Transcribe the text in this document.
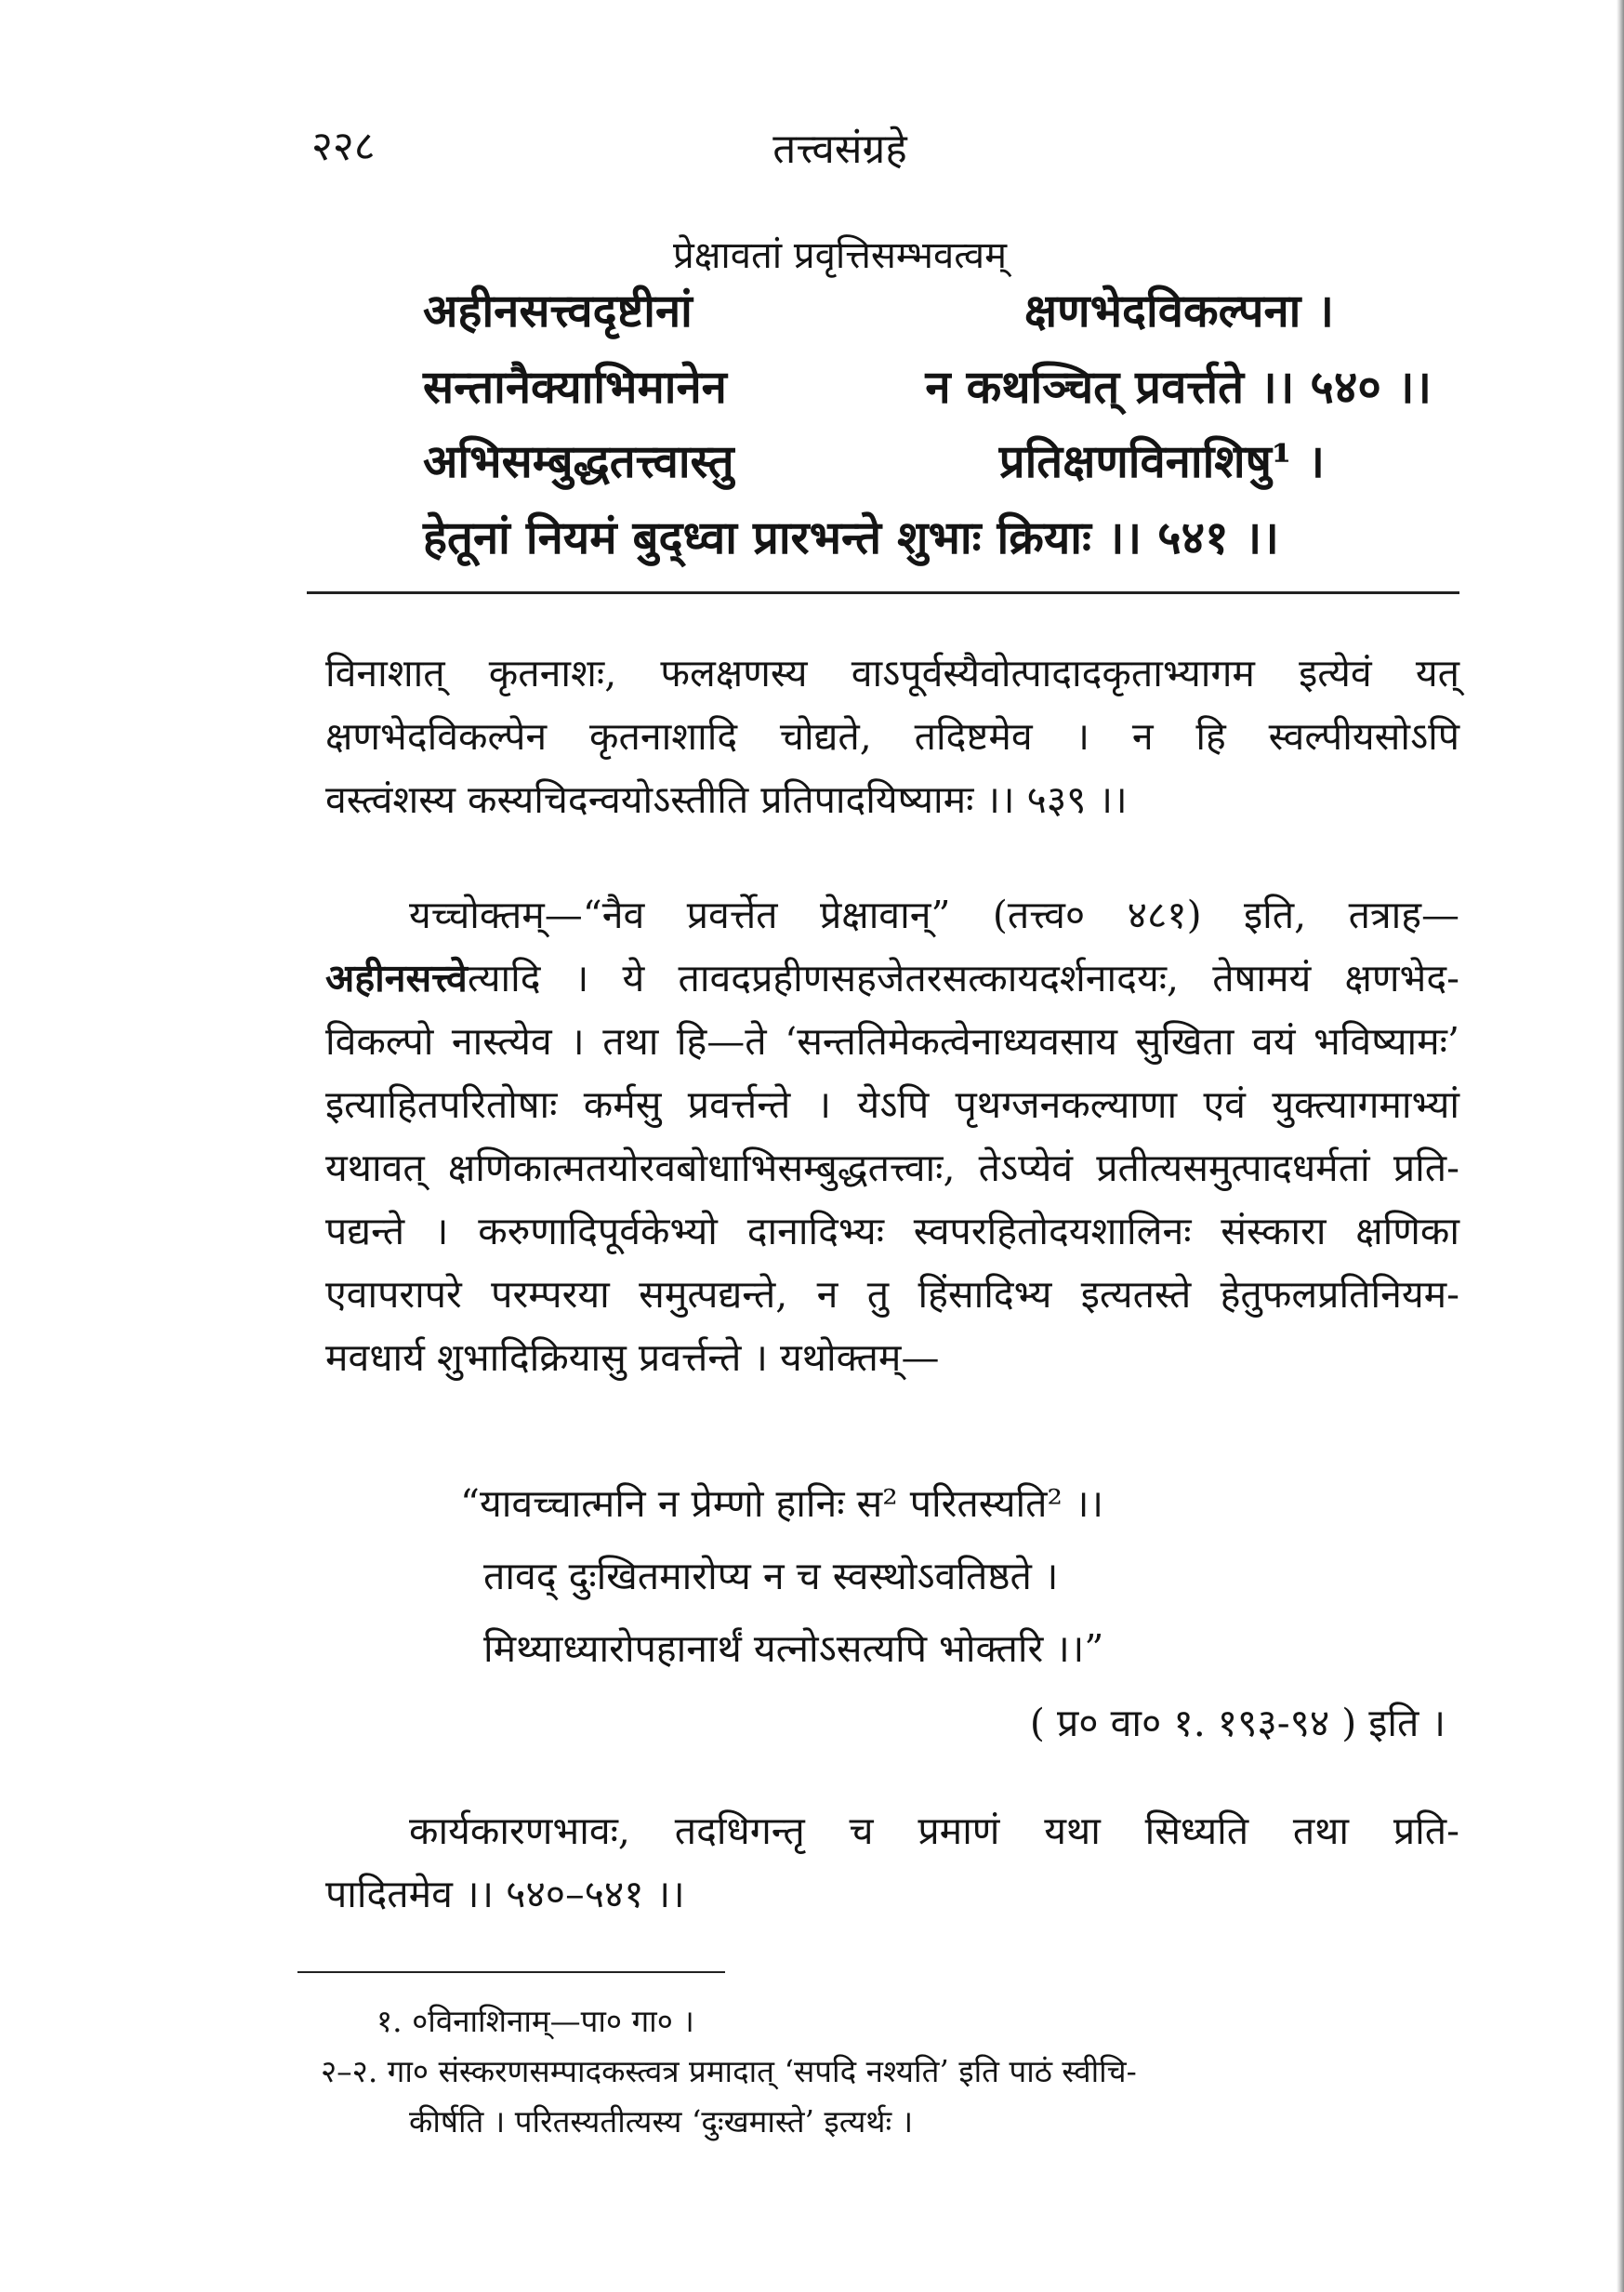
२२८	तत्त्वसंग्रहे
प्रेक्षावतां प्रवृत्तिसम्भवत्वम्
अहीनसत्त्वदृष्टीनां	क्षणभेदविकल्पना ।
सन्तानैक्याभिमानेन	न कथञ्चित् प्रवर्त्तते ।। ५४० ।।
अभिसम्बुद्धतत्त्वास्तु	प्रतिक्षणविनाशिषु¹ ।
हेतूनां नियमं बुद्ध्वा प्रारभन्ते शुभाः क्रियाः ।। ५४१ ।।
विनाशात् कृतनाशः, फलक्षणस्य वाऽपूर्वस्यैवोत्पादादकृताभ्यागम इत्येवं यत्
क्षणभेदविकल्पेन कृतनाशादि चोद्यते, तदिष्टमेव । न हि स्वल्पीयसोऽपि
वस्त्वंशस्य कस्यचिदन्वयोऽस्तीति प्रतिपादयिष्यामः ।। ५३९ ।।
यच्चोक्तम्—“नैव प्रवर्त्तेत प्रेक्षावान्” (तत्त्व० ४८१) इति, तत्राह—
अहीनसत्त्वेत्यादि । ये तावदप्रहीणसहजेतरसत्कायदर्शनादयः, तेषामयं क्षणभेद-
विकल्पो नास्त्येव । तथा हि—ते ‘सन्ततिमेकत्वेनाध्यवसाय सुखिता वयं भविष्यामः’
इत्याहितपरितोषाः कर्मसु प्रवर्त्तन्ते । येऽपि पृथग्जनकल्याणा एवं युक्त्यागमाभ्यां
यथावत् क्षणिकात्मतयोरवबोधाभिसम्बुद्धतत्त्वाः, तेऽप्येवं प्रतीत्यसमुत्पादधर्मतां प्रति-
पद्यन्ते । करुणादिपूर्वकेभ्यो दानादिभ्यः स्वपरहितोदयशालिनः संस्कारा क्षणिका
एवापरापरे परम्परया समुत्पद्यन्ते, न तु हिंसादिभ्य इत्यतस्ते हेतुफलप्रतिनियम-
मवधार्य शुभादिक्रियासु प्रवर्त्तन्ते । यथोक्तम्—
“यावच्चात्मनि न प्रेम्णो हानिः स² परितस्यति² ।।
तावद् दुःखितमारोप्य न च स्वस्थोऽवतिष्ठते ।
मिथ्याध्यारोपहानार्थं यत्नोऽसत्यपि भोक्तरि ।।”
( प्र० वा० १. १९३-९४ ) इति ।
कार्यकारणभावः, तदधिगन्तृ च प्रमाणं यथा सिध्यति तथा प्रति-
पादितमेव ।। ५४०–५४१ ।।
१. ०विनाशिनाम्—पा० गा० ।
२–२. गा० संस्करणसम्पादकस्त्वत्र प्रमादात् ‘सपदि नश्यति’ इति पाठं स्वीचि-
कीर्षति । परितस्यतीत्यस्य ‘दुःखमास्ते’ इत्यर्थः ।
